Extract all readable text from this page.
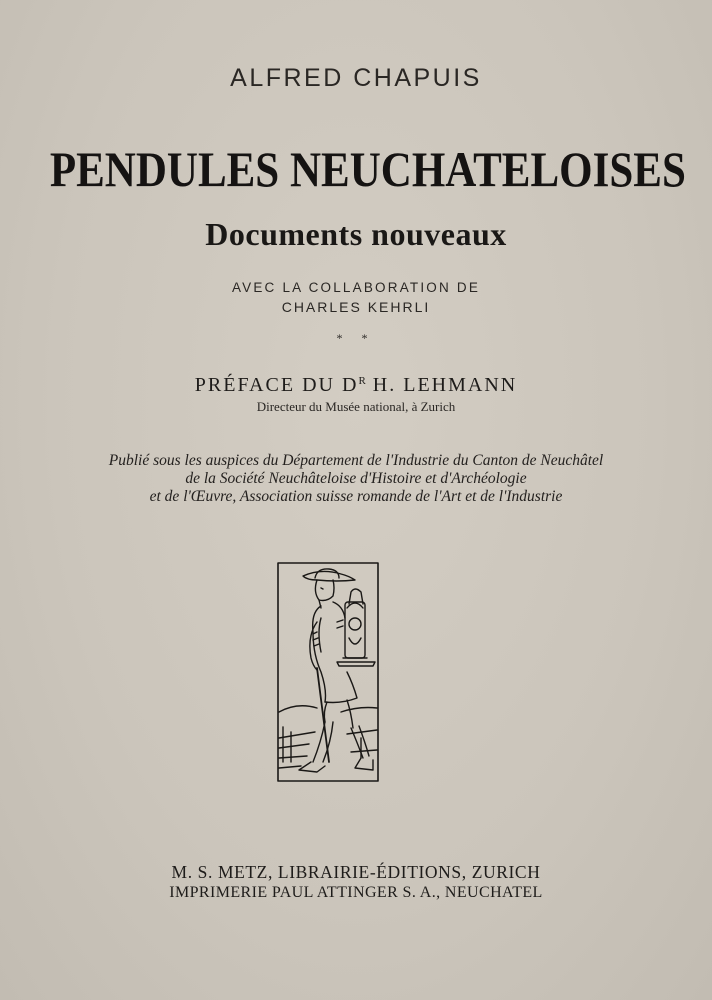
ALFRED CHAPUIS
PENDULES NEUCHATELOISES
Documents nouveaux
AVEC LA COLLABORATION DE
CHARLES KEHRLI
* *
PRÉFACE DU $D^R$ H. LEHMANN
Directeur du Musée national, à Zurich
Publié sous les auspices du Département de l'Industrie du Canton de Neuchâtel
de la Société Neuchâteloise d'Histoire et d'Archéologie
et de l'Œuvre, Association suisse romande de l'Art et de l'Industrie
M. S. METZ, LIBRAIRIE-ÉDITIONS, ZURICH
IMPRIMERIE PAUL ATTINGER S. A., NEUCHATEL
